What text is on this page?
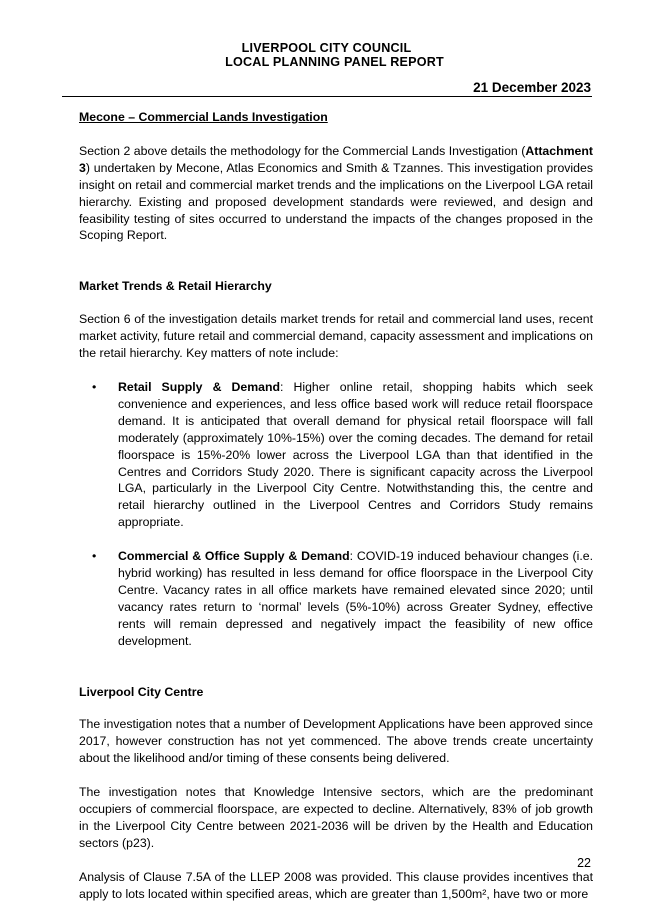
LIVERPOOL CITY COUNCIL
LOCAL PLANNING PANEL REPORT
21 December 2023

Mecone – Commercial Lands Investigation

Section 2 above details the methodology for the Commercial Lands Investigation (Attachment 3) undertaken by Mecone, Atlas Economics and Smith & Tzannes. This investigation provides insight on retail and commercial market trends and the implications on the Liverpool LGA retail hierarchy. Existing and proposed development standards were reviewed, and design and feasibility testing of sites occurred to understand the impacts of the changes proposed in the Scoping Report.

Market Trends & Retail Hierarchy

Section 6 of the investigation details market trends for retail and commercial land uses, recent market activity, future retail and commercial demand, capacity assessment and implications on the retail hierarchy. Key matters of note include:

• Retail Supply & Demand: Higher online retail, shopping habits which seek convenience and experiences, and less office based work will reduce retail floorspace demand. It is anticipated that overall demand for physical retail floorspace will fall moderately (approximately 10%-15%) over the coming decades. The demand for retail floorspace is 15%-20% lower across the Liverpool LGA than that identified in the Centres and Corridors Study 2020. There is significant capacity across the Liverpool LGA, particularly in the Liverpool City Centre. Notwithstanding this, the centre and retail hierarchy outlined in the Liverpool Centres and Corridors Study remains appropriate.
• Commercial & Office Supply & Demand: COVID-19 induced behaviour changes (i.e. hybrid working) has resulted in less demand for office floorspace in the Liverpool City Centre. Vacancy rates in all office markets have remained elevated since 2020; until vacancy rates return to ‘normal’ levels (5%-10%) across Greater Sydney, effective rents will remain depressed and negatively impact the feasibility of new office development.

Liverpool City Centre

The investigation notes that a number of Development Applications have been approved since 2017, however construction has not yet commenced. The above trends create uncertainty about the likelihood and/or timing of these consents being delivered.

The investigation notes that Knowledge Intensive sectors, which are the predominant occupiers of commercial floorspace, are expected to decline. Alternatively, 83% of job growth in the Liverpool City Centre between 2021-2036 will be driven by the Health and Education sectors (p23).

Analysis of Clause 7.5A of the LLEP 2008 was provided. This clause provides incentives that apply to lots located within specified areas, which are greater than 1,500m², have two or more

22
